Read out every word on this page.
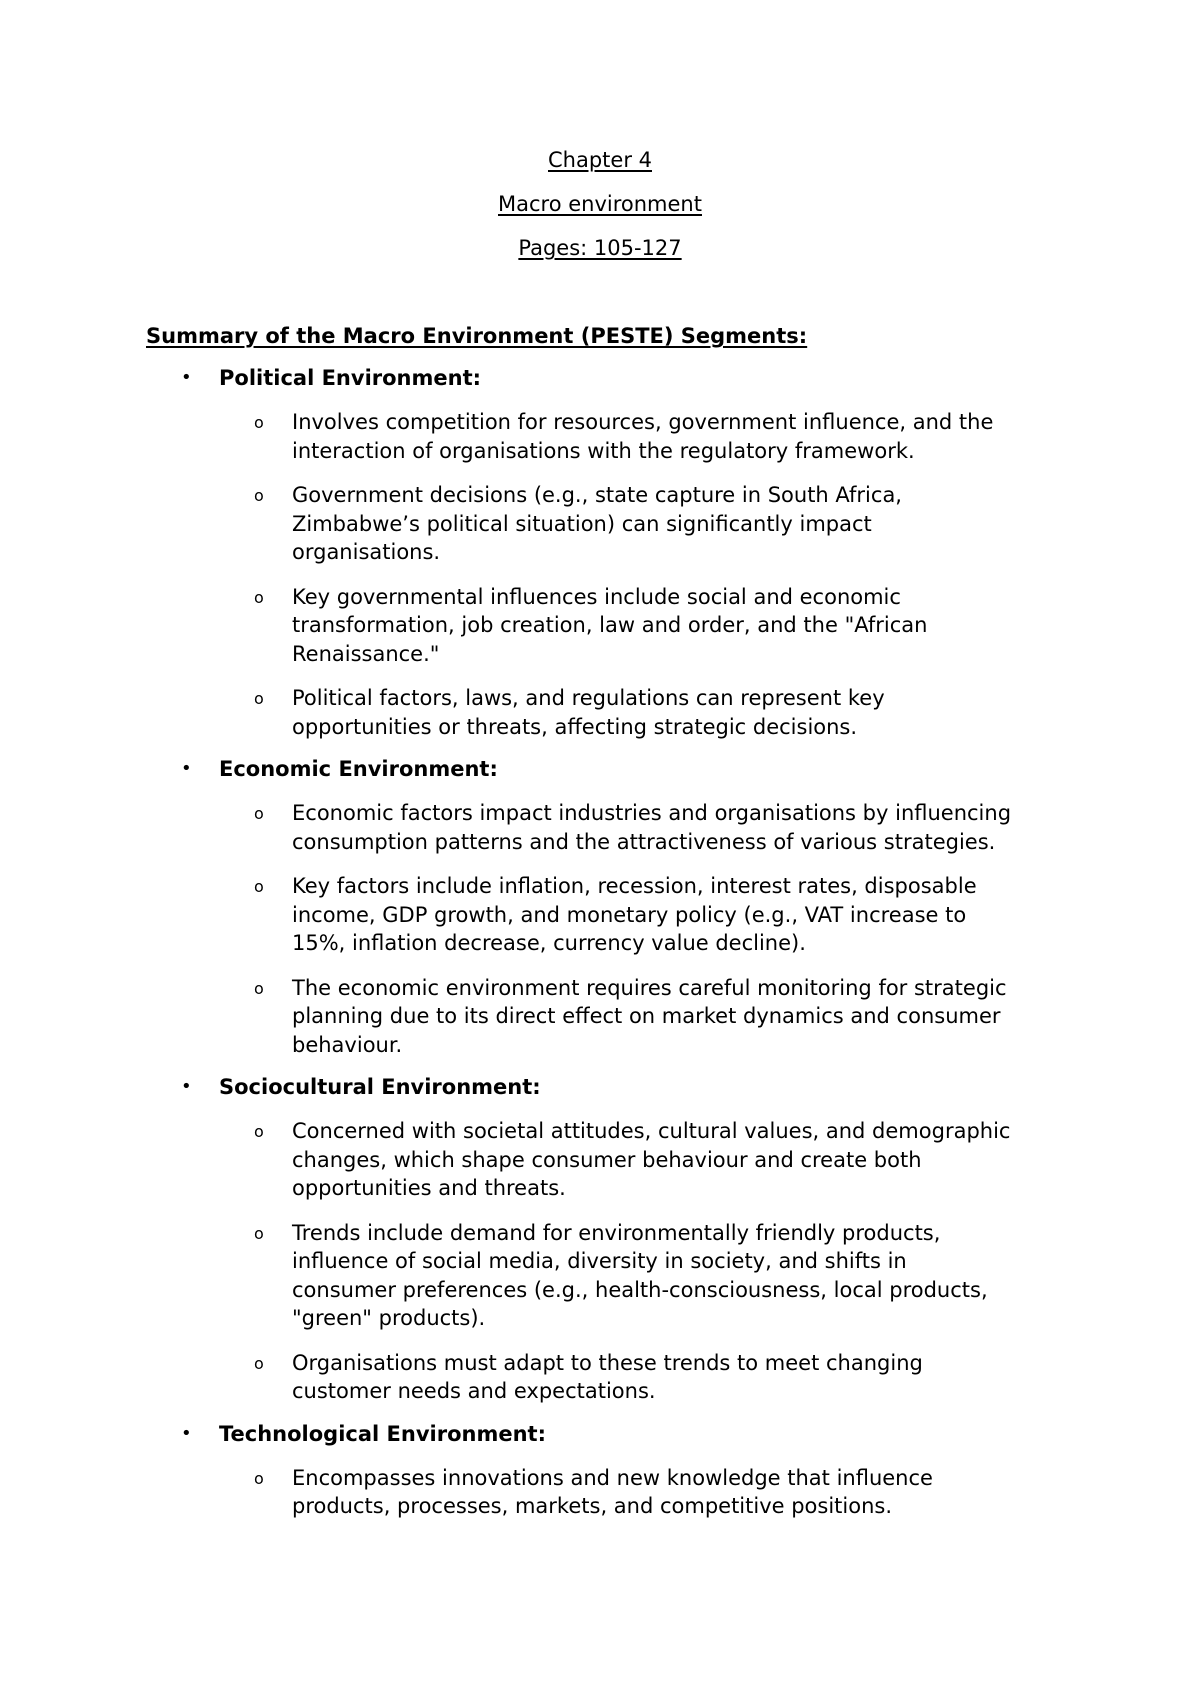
Chapter 4
Macro environment
Pages: 105-127
Summary of the Macro Environment (PESTE) Segments:
• Political Environment:
o Involves competition for resources, government influence, and the
interaction of organisations with the regulatory framework.
o Government decisions (e.g., state capture in South Africa,
Zimbabwe’s political situation) can significantly impact
organisations.
o Key governmental influences include social and economic
transformation, job creation, law and order, and the "African
Renaissance."
o Political factors, laws, and regulations can represent key
opportunities or threats, affecting strategic decisions.
• Economic Environment:
o Economic factors impact industries and organisations by influencing
consumption patterns and the attractiveness of various strategies.
o Key factors include inflation, recession, interest rates, disposable
income, GDP growth, and monetary policy (e.g., VAT increase to
15%, inflation decrease, currency value decline).
o The economic environment requires careful monitoring for strategic
planning due to its direct effect on market dynamics and consumer
behaviour.
• Sociocultural Environment:
o Concerned with societal attitudes, cultural values, and demographic
changes, which shape consumer behaviour and create both
opportunities and threats.
o Trends include demand for environmentally friendly products,
influence of social media, diversity in society, and shifts in
consumer preferences (e.g., health-consciousness, local products,
"green" products).
o Organisations must adapt to these trends to meet changing
customer needs and expectations.
• Technological Environment:
o Encompasses innovations and new knowledge that influence
products, processes, markets, and competitive positions.
